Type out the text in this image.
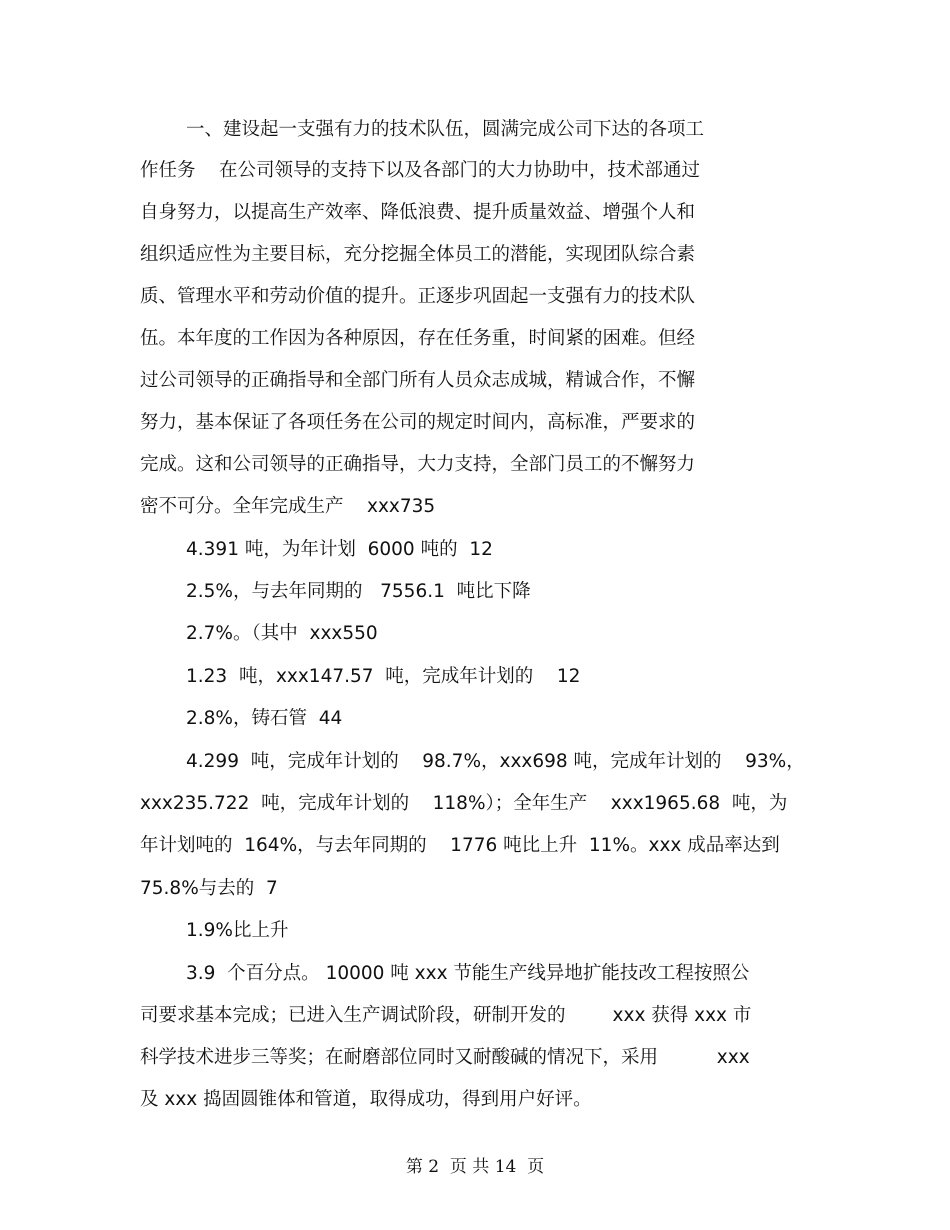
一、建设起一支强有力的技术队伍，圆满完成公司下达的各项工
作任务    在公司领导的支持下以及各部门的大力协助中，技术部通过
自身努力，以提高生产效率、降低浪费、提升质量效益、增强个人和
组织适应性为主要目标，充分挖掘全体员工的潜能，实现团队综合素
质、管理水平和劳动价值的提升。正逐步巩固起一支强有力的技术队
伍。本年度的工作因为各种原因，存在任务重，时间紧的困难。但经
过公司领导的正确指导和全部门所有人员众志成城，精诚合作，不懈
努力，基本保证了各项任务在公司的规定时间内，高标准，严要求的
完成。这和公司领导的正确指导，大力支持，全部门员工的不懈努力
密不可分。全年完成生产    xxx735
4.391 吨，为年计划  6000 吨的  12
2.5%，与去年同期的   7556.1  吨比下降
2.7%。（其中  xxx550
1.23  吨，xxx147.57  吨，完成年计划的    12
2.8%，铸石管  44
4.299  吨，完成年计划的    98.7%，xxx698 吨，完成年计划的    93%，
xxx235.722  吨，完成年计划的    118%）；全年生产    xxx1965.68  吨，为
年计划吨的  164%，与去年同期的    1776 吨比上升  11%。xxx 成品率达到
75.8%与去的  7
1.9%比上升
3.9  个百分点。 10000 吨 xxx 节能生产线异地扩能技改工程按照公
司要求基本完成；已进入生产调试阶段，研制开发的        xxx 获得 xxx 市
科学技术进步三等奖；在耐磨部位同时又耐酸碱的情况下，采用          xxx
及 xxx 捣固圆锥体和管道，取得成功，得到用户好评。
第 2  页 共 14  页
